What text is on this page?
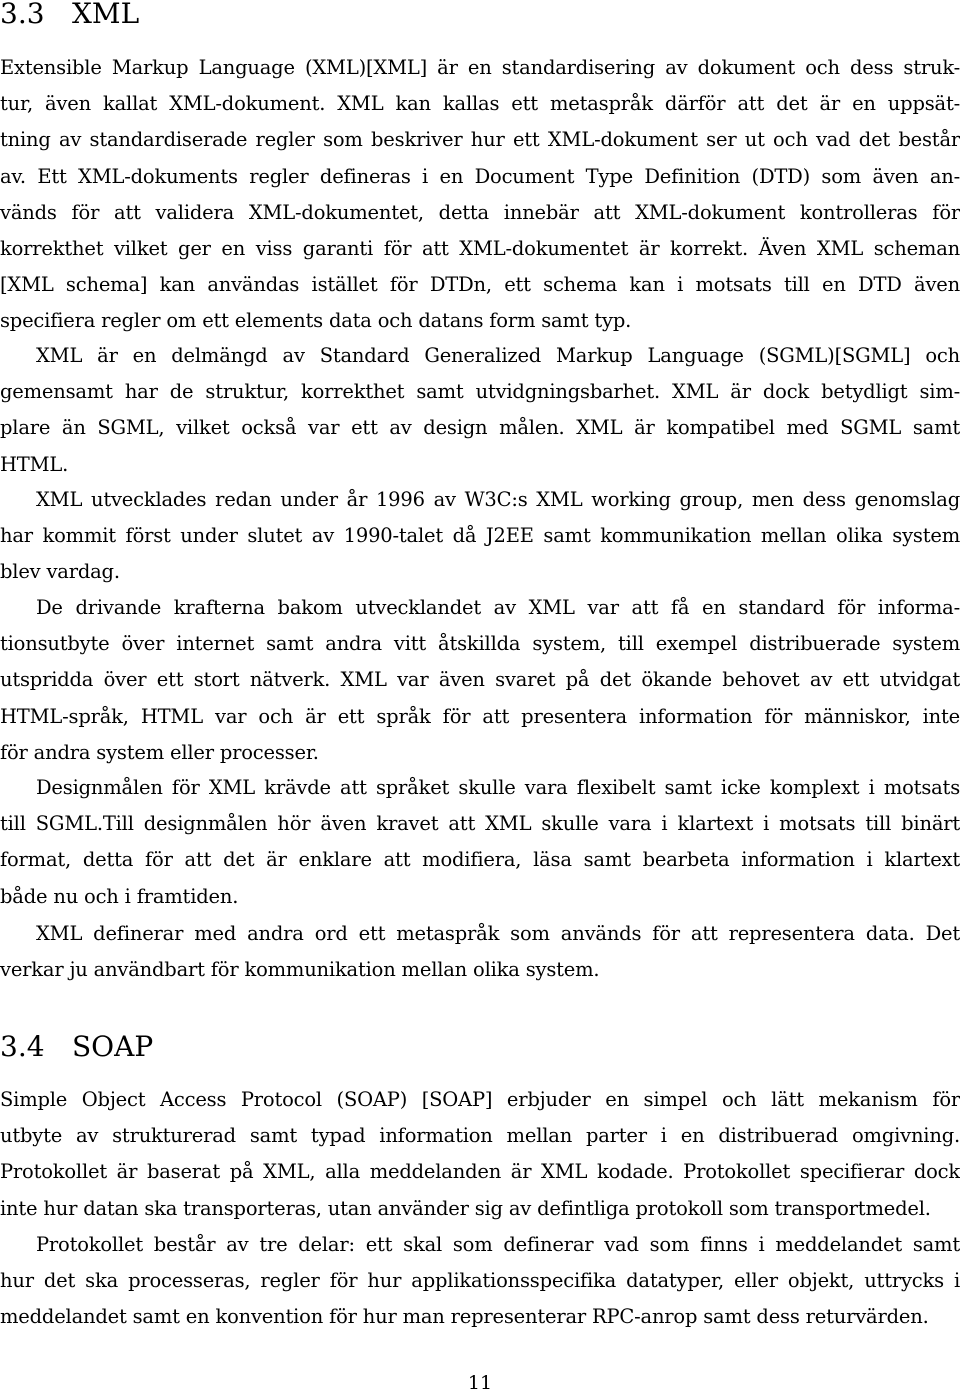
3.3 XML
Extensible Markup Language (XML)[XML] är en standardisering av dokument och dess struk-
tur, även kallat XML-dokument. XML kan kallas ett metaspråk därför att det är en uppsät-
tning av standardiserade regler som beskriver hur ett XML-dokument ser ut och vad det består
av. Ett XML-dokuments regler defineras i en Document Type Definition (DTD) som även an-
vänds för att validera XML-dokumentet, detta innebär att XML-dokument kontrolleras för
korrekthet vilket ger en viss garanti för att XML-dokumentet är korrekt. Även XML scheman
[XML schema] kan användas istället för DTDn, ett schema kan i motsats till en DTD även
specifiera regler om ett elements data och datans form samt typ.
XML är en delmängd av Standard Generalized Markup Language (SGML)[SGML] och
gemensamt har de struktur, korrekthet samt utvidgningsbarhet. XML är dock betydligt sim-
plare än SGML, vilket också var ett av design målen. XML är kompatibel med SGML samt
HTML.
XML utvecklades redan under år 1996 av W3C:s XML working group, men dess genomslag
har kommit först under slutet av 1990-talet då J2EE samt kommunikation mellan olika system
blev vardag.
De drivande krafterna bakom utvecklandet av XML var att få en standard för informa-
tionsutbyte över internet samt andra vitt åtskillda system, till exempel distribuerade system
utspridda över ett stort nätverk. XML var även svaret på det ökande behovet av ett utvidgat
HTML-språk, HTML var och är ett språk för att presentera information för människor, inte
för andra system eller processer.
Designmålen för XML krävde att språket skulle vara flexibelt samt icke komplext i motsats
till SGML.Till designmålen hör även kravet att XML skulle vara i klartext i motsats till binärt
format, detta för att det är enklare att modifiera, läsa samt bearbeta information i klartext
både nu och i framtiden.
XML definerar med andra ord ett metaspråk som används för att representera data. Det
verkar ju användbart för kommunikation mellan olika system.
3.4 SOAP
Simple Object Access Protocol (SOAP) [SOAP] erbjuder en simpel och lätt mekanism för
utbyte av strukturerad samt typad information mellan parter i en distribuerad omgivning.
Protokollet är baserat på XML, alla meddelanden är XML kodade. Protokollet specifierar dock
inte hur datan ska transporteras, utan använder sig av defintliga protokoll som transportmedel.
Protokollet består av tre delar: ett skal som definerar vad som finns i meddelandet samt
hur det ska processeras, regler för hur applikationsspecifika datatyper, eller objekt, uttrycks i
meddelandet samt en konvention för hur man representerar RPC-anrop samt dess returvärden.
11
